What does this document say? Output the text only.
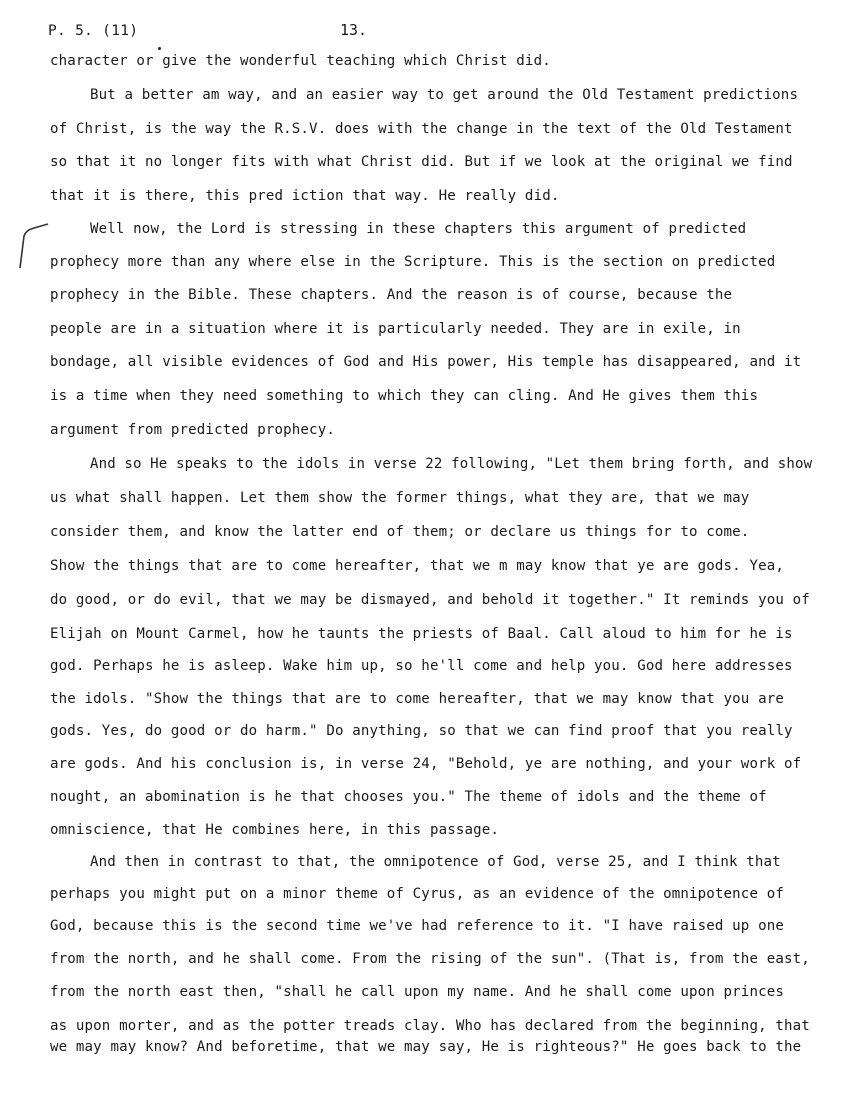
P. 5. (11)	13.
character or give the wonderful teaching which Christ did.
But a better am way, and an easier way to get around the Old Testament predictions
of Christ, is the way the R.S.V. does with the change in the text of the Old Testament
so that it no longer fits with what Christ did. But if we look at the original we find
that it is there, this pred iction that way. He really did.
Well now, the Lord is stressing in these chapters this argument of predicted
prophecy more than any where else in the Scripture. This is the section on predicted
prophecy in the Bible. These chapters. And the reason is of course, because the
people are in a situation where it is particularly needed. They are in exile, in
bondage, all visible evidences of God and His power, His temple has disappeared, and it
is a time when they need something to which they can cling. And He gives them this
argument from predicted prophecy.
And so He speaks to the idols in verse 22 following, "Let them bring forth, and show
us what shall happen. Let them show the former things, what they are, that we may
consider them, and know the latter end of them; or declare us things for to come.
Show the things that are to come hereafter, that we m may know that ye are gods. Yea,
do good, or do evil, that we may be dismayed, and behold it together." It reminds you of
Elijah on Mount Carmel, how he taunts the priests of Baal. Call aloud to him for he is
god. Perhaps he is asleep. Wake him up, so he'll come and help you. God here addresses
the idols. "Show the things that are to come hereafter, that we may know that you are
gods. Yes, do good or do harm." Do anything, so that we can find proof that you really
are gods. And his conclusion is, in verse 24, "Behold, ye are nothing, and your work of
nought, an abomination is he that chooses you." The theme of idols and the theme of
omniscience, that He combines here, in this passage.
And then in contrast to that, the omnipotence of God, verse 25, and I think that
perhaps you might put on a minor theme of Cyrus, as an evidence of the omnipotence of
God, because this is the second time we've had reference to it. "I have raised up one
from the north, and he shall come. From the rising of the sun". (That is, from the east,
from the north east then, "shall he call upon my name. And he shall come upon princes
as upon morter, and as the potter treads clay. Who has declared from the beginning, that
we may may know? And beforetime, that we may say, He is righteous?" He goes back to the
